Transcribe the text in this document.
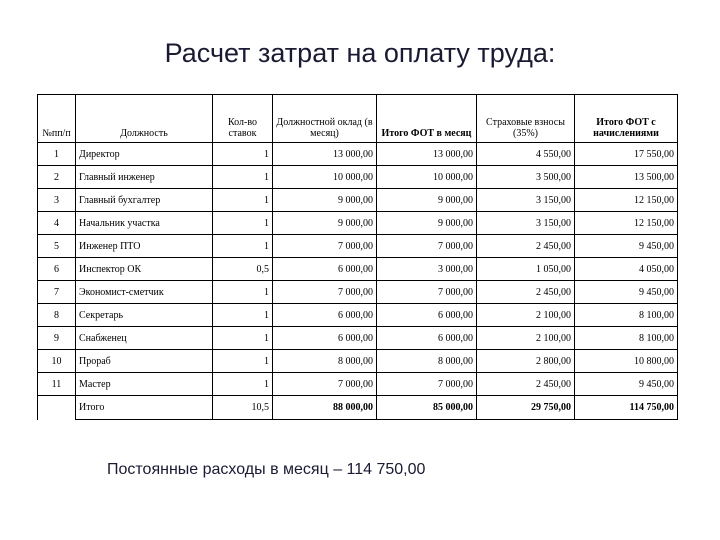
Расчет затрат на оплату труда:
№пп/п	Должность	Кол-во ставок	Должностной оклад (в месяц)	Итого ФОТ в месяц	Страховые взносы (35%)	Итого ФОТ с начислениями
1	Директор	1	13 000,00	13 000,00	4 550,00	17 550,00
2	Главный инженер	1	10 000,00	10 000,00	3 500,00	13 500,00
3	Главный бухгалтер	1	9 000,00	9 000,00	3 150,00	12 150,00
4	Начальник участка	1	9 000,00	9 000,00	3 150,00	12 150,00
5	Инженер ПТО	1	7 000,00	7 000,00	2 450,00	9 450,00
6	Инспектор ОК	0,5	6 000,00	3 000,00	1 050,00	4 050,00
7	Экономист-сметчик	1	7 000,00	7 000,00	2 450,00	9 450,00
8	Секретарь	1	6 000,00	6 000,00	2 100,00	8 100,00
9	Снабженец	1	6 000,00	6 000,00	2 100,00	8 100,00
10	Прораб	1	8 000,00	8 000,00	2 800,00	10 800,00
11	Мастер	1	7 000,00	7 000,00	2 450,00	9 450,00
	Итого	10,5	88 000,00	85 000,00	29 750,00	114 750,00
Постоянные расходы в месяц – 114 750,00
